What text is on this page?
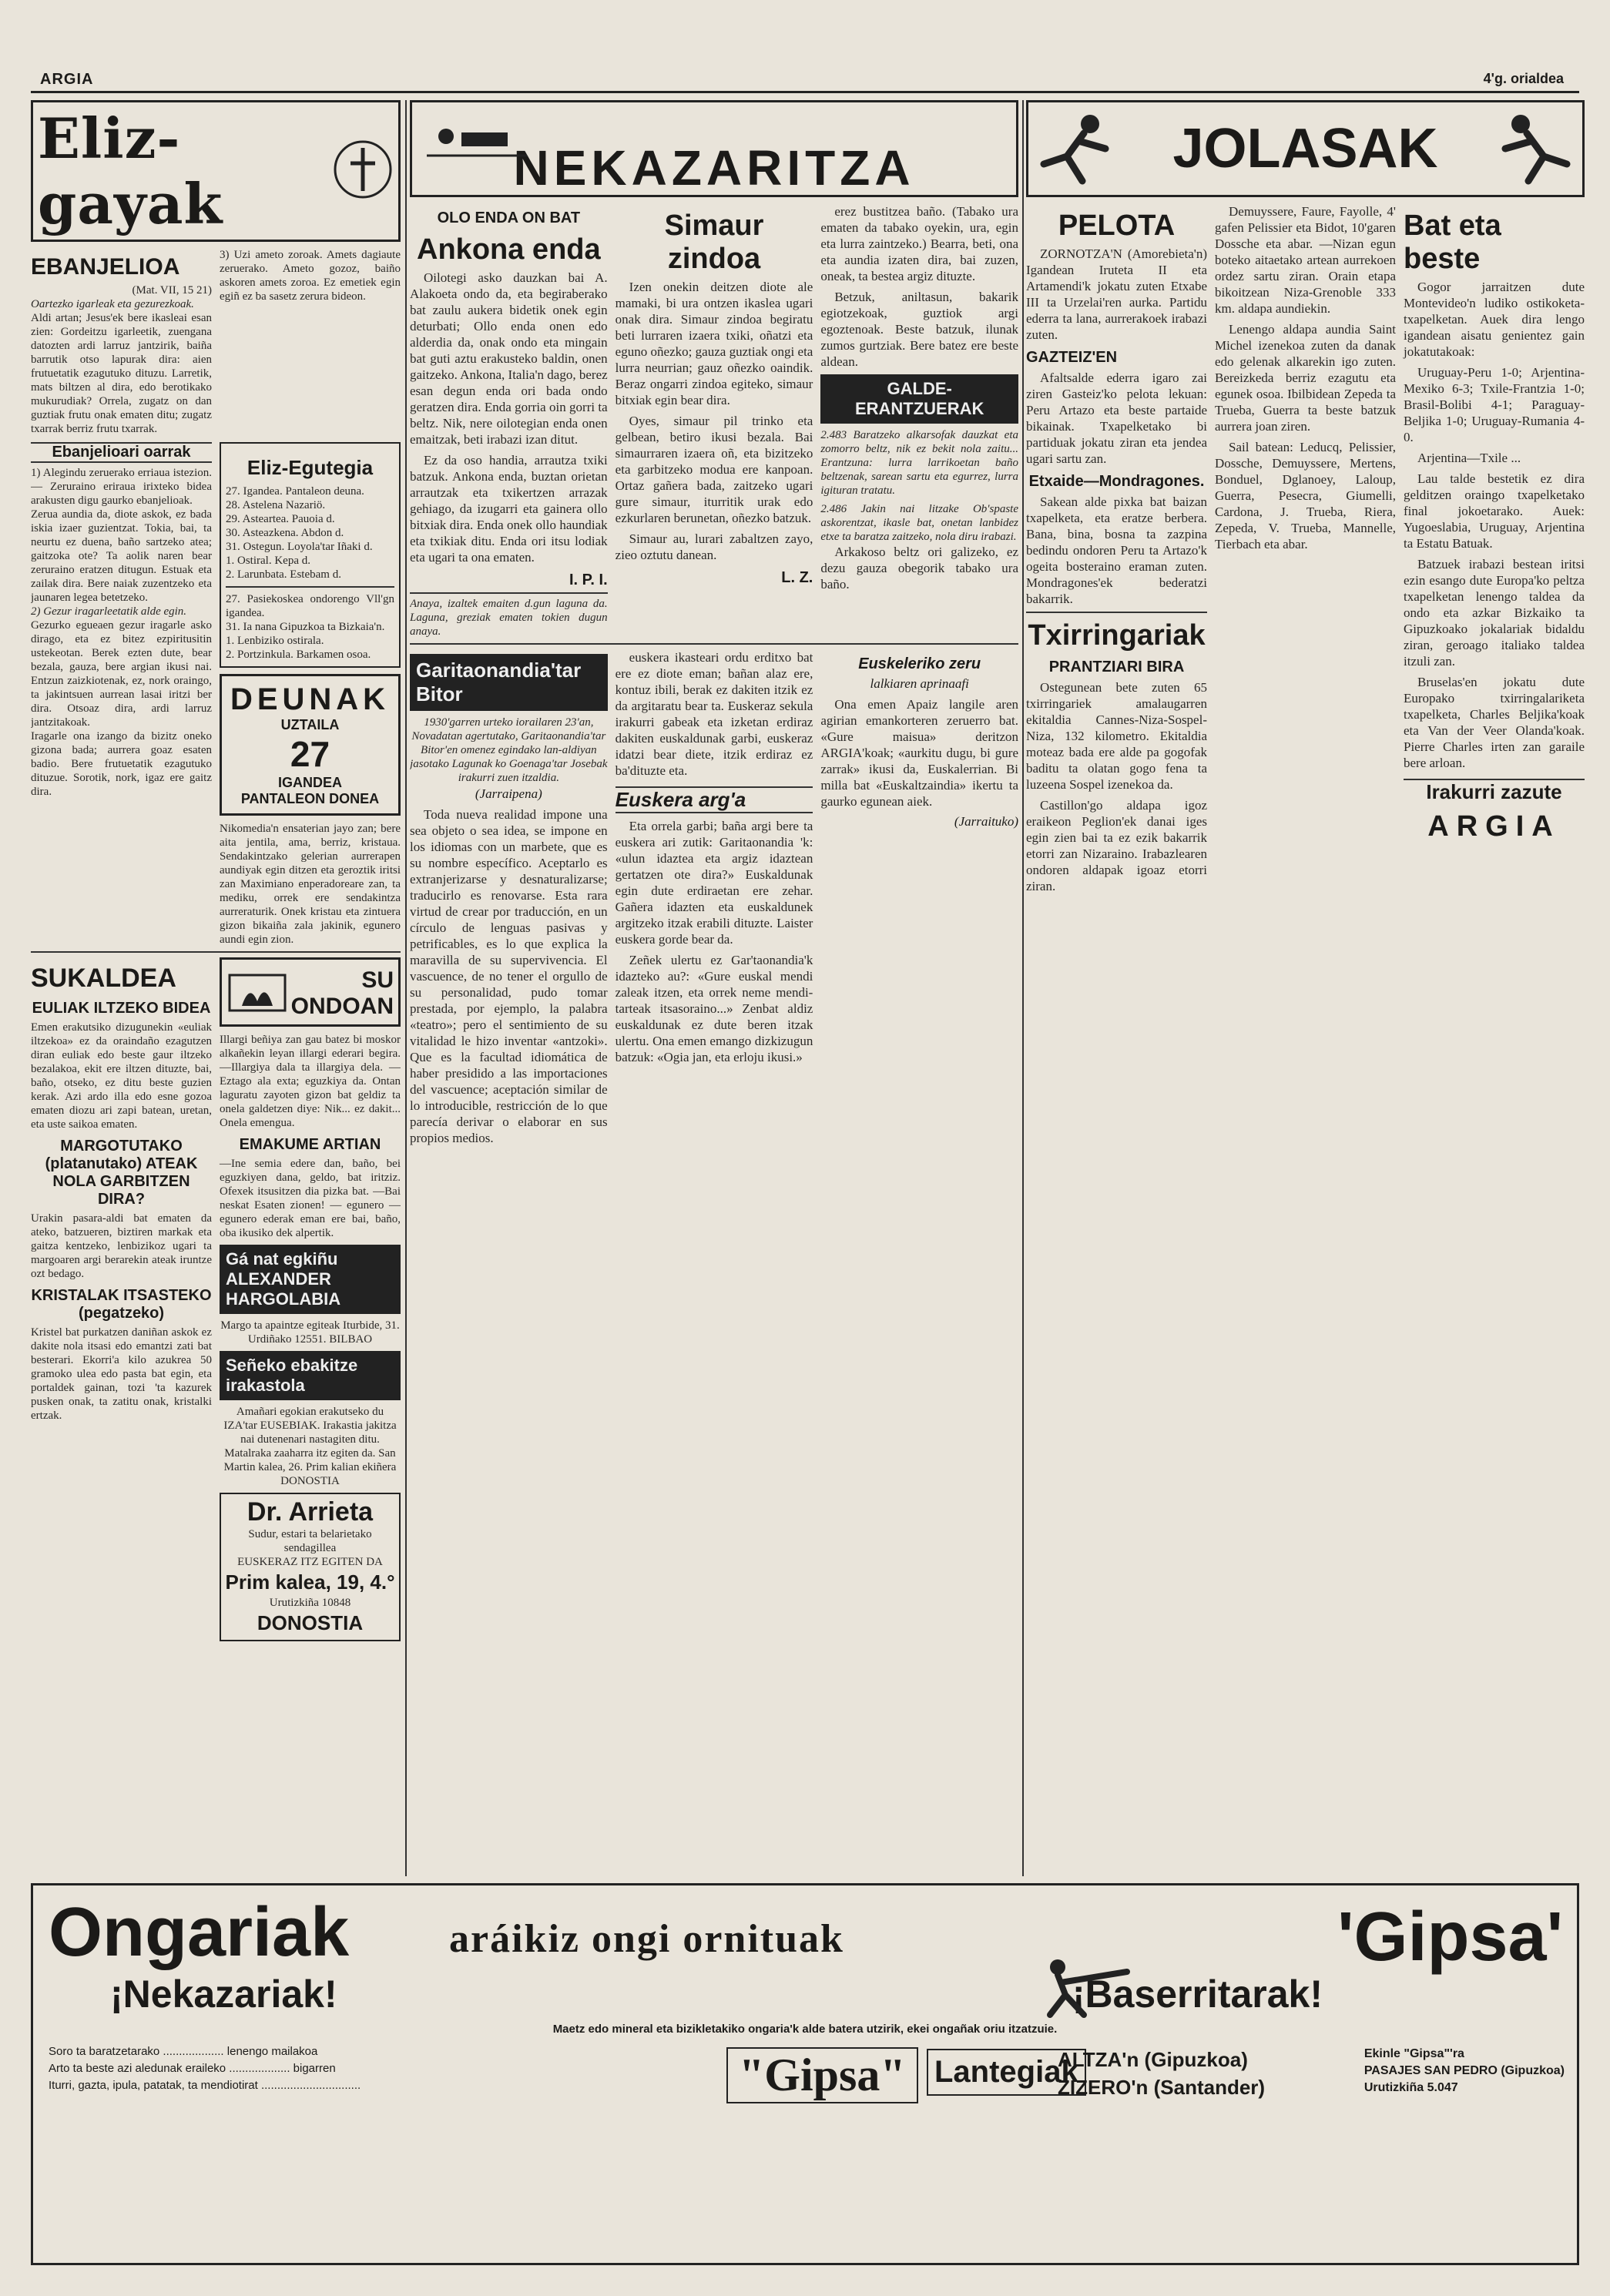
ARGIA	4'g. orialdea
Eliz-gayak
EBANJELIOA
(Mat. VII, 15 21)
Oartezko igarleak eta gezurezkoak.
Aldi artan; Jesus'ek bere ikasleai esan zien: Gordeitzu igarleetik, zuengana datozten ardi larruz jantzirik, baiña barrutik otso lapurak dira: aien frutuetatik ezagutuko dituzu. Larretik, mats biltzen al dira, edo berotikako mukurudiak? Orrela, zugatz on dan guztiak frutu onak ematen ditu; zugatz txarrak berriz frutu txarrak.
3) Uzi ameto zoroak. Amets dagiaute zeruerako. Ameto gozoz, baiño askoren amets zoroa. Ez emetiek egin egiñ ez ba sasetz zerura bideon.
Ebanjelioari oarrak
1) Alegindu zeruerako erriaua istezion. — Zeruraino eriraua irixteko bidea arakusten digu gaurko ebanjelioak.
Zerua aundia da, diote askok, ez bada iskia izaer guzientzat. Tokia, bai, ta neurtu ez duena, baño sartzeko atea; gaitzoka ote? Ta aolik naren bear zeruraino eratzen ditugun. Estuak eta zailak dira. Bere naiak zuzentzeko eta jaunaren legea betetzeko.
2) Gezur iragarleetatik alde egin.
Gezurko egueaen gezur iragarle asko dirago, eta ez bitez ezpiritusitin ustekeotan. Berek ezten dute, bear bezala, gauza, bere argian ikusi nai. Entzun zaizkiotenak, ez, nork oraingo, ta jakintsuen aurrean lasai iritzi ber dira. Otsoaz dira, ardi larruz jantzitakoak.
Iragarle ona izango da bizitz oneko gizona bada; aurrera goaz esaten badio. Bere frutuetatik ezagutuko dituzue. Sorotik, nork, igaz ere gaitz dira.
Eliz-Egutegia
27. Igandea. Pantaleon deuna.
28. Astelena Nazariö.
29. Asteartea. Pauoia d.
30. Asteazkena. Abdon d.
31. Ostegun. Loyola'tar Iñaki d.
1. Ostiral. Kepa d.
2. Larunbata. Estebam d.
27. Pasiekoskea ondorengo Vll'gn igandea.
31. Ia nana Gipuzkoa ta Bizkaia'n.
1. Lenbiziko ostirala.
2. Portzinkula. Barkamen osoa.
DEUNAK
UZTAILA
27
IGANDEA
PANTALEON DONEA
Nikomedia'n ensaterian jayo zan; bere aita jentila, ama, berriz, kristaua. Sendakintzako gelerian aurrerapen aundiyak egin ditzen eta geroztik iritsi zan Maximiano enperadoreare zan, ta mediku, orrek ere sendakintza aurreraturik. Onek kristau eta zintuera gizon bikaiña zala jakinik, egunero aundi egin zion.
SUKALDEA
EULIAK ILTZEKO BIDEA
Emen erakutsiko dizugunekin «euliak iltzekoa» ez da oraindaño ezagutzen diran euliak edo beste gaur iltzeko bezalakoa, ekit ere iltzen dituzte, bai, baño, otseko, ez ditu beste guzien kerak. Azi ardo illa edo esne gozoa ematen diozu ari zapi batean, uretan, eta uste saikoa ematen.
MARGOTUTAKO (platanutako) ATEAK NOLA GARBITZEN DIRA?
Urakin pasara-aldi bat ematen da ateko, batzueren, biztiren markak eta gaitza kentzeko, lenbizikoz ugari ta margoaren argi berarekin ateak iruntze ozt bedago.
KRISTALAK ITSASTEKO (pegatzeko)
Kristel bat purkatzen daniñan askok ez dakite nola itsasi edo emantzi zati bat besterari. Ekorri'a kilo azukrea 50 gramoko ulea edo pasta bat egin, eta portaldek gainan, tozi 'ta kazurek pusken onak, ta zatitu onak, kristalki ertzak.
SU ONDOAN
Illargi beñiya zan gau batez bi moskor alkañekin leyan illargi ederari begira. —Illargiya dala ta illargiya dela. —Eztago ala exta; eguzkiya da. Ontan laguratu zayoten gizon bat geldiz ta onela galdetzen diye: Nik... ez dakit... Onela emengua.
EMAKUME ARTIAN
—Ine semia edere dan, baño, bei eguzkiyen dana, geldo, bat iritziz. Ofexek itsusitzen dia pizka bat. —Bai neskat Esaten zionen! — egunero — egunero ederak eman ere bai, baño, oba ikusiko dek alpertik.
Gá nat egkiñu ALEXANDER HARGOLABIA
Margo ta apaintze egiteak Iturbide, 31. Urdiñako 12551. BILBAO
Señeko ebakitze irakastola
Amañari egokian erakutseko du IZA'tar EUSEBIAK. Irakastia jakitza nai dutenenari nastagiten ditu. Matalraka zaaharra itz egiten da. San Martin kalea, 26. Prim kalian ekiñera DONOSTIA
Dr. Arrieta
Sudur, estari ta belarietako sendagillea
EUSKERAZ ITZ EGITEN DA
Prim kalea, 19, 4.°
Urutizkiña 10848
DONOSTIA
NEKAZARITZA
OLO ENDA ON BAT
Ankona enda

Oilotegi asko dauzkan bai A. Alakoeta ondo da, eta begiraberako bat zaulu aukera bidetik onek egin deturbati; Ollo enda onen edo alderdia da, onak ondo eta mingain bat guti aztu erakusteko baldin, onen gaitzeko. Ankona, Italia'n dago, berez esan degun enda ori bada ondo geratzen dira. Enda gorria oin gorri ta beltz. Nik, nere oilotegian enda onen emaitzak, beti irabazi izan ditut.

Ez da oso handia, arrautza txiki batzuk. Ankona enda, buztan orietan arrautzak eta txikertzen arrazak gehiago, da izugarri eta gainera ollo bitxiak dira. Enda onek ollo haundiak eta txikiak ditu. Enda ori itsu lodiak eta ugari ta ona ematen.

I. P. I.
Anaya, izaltek emaiten d.gun laguna da. Laguna, greziak ematen tokien dugun anaya.
Simaur zindoa

Izen onekin deitzen diote ale mamaki, bi ura ontzen ikaslea ugari onak dira. Simaur zindoa begiratu beti lurraren izaera txiki, oñatzi eta eguno oñezko; gauza guztiak ongi eta lurra neurrian; gauz oñezko oaindik. Beraz ongarri zindoa egiteko, simaur bitxiak egin bear dira.

Oyes, simaur pil trinko eta gelbean, betiro ikusi bezala. Bai simaurraren izaera oñ, eta bizitzeko eta garbitzeko modua ere kanpoan. Ortaz gañera bada, zaitzeko ugari gure simaur, iturritik urak edo ezkurlaren berunetan, oñezko batzuk.

Simaur au, lurari zabaltzen zayo, zieo oztutu danean.

L. Z.

erez bustitzea baño. (Tabako ura ematen da tabako oyekin, ura, egin eta lurra zaintzeko.) Bearra, beti, ona eta aundia izaten dira, bai zuzen, oneak, ta bestea argiz dituzte.

Betzuk, aniltasun, bakarik egiotzekoak, guztiok argi egoztenoak. Beste batzuk, ilunak zumos gurtziak. Bere batez ere beste aldean.

GALDE-ERANTZUERAK
2.483 Baratzeko alkarsofak dauzkat eta zomorro beltz, nik ez bekit nola zaitu... Erantzuna: lurra larrikoetan baño beltzenak, sarean sartu eta egurrez, lurra igituran tratatu.
2.486 Jakin nai litzake Ob'spaste askorentzat, ikasle bat, onetan lanbidez etxe ta baratza zaitzeko, nola diru irabazi.

Arkakoso beltz ori galizeko, ez dezu gauza obegorik tabako ura baño.

Garitaonandia'tar Bitor
1930'garren urteko iorailaren 23'an, Novadatan agertutako, Garitaonandia'tar Bitor'en omenez egindako lan-aldiyan jasotako Lagunak ko Goenaga'tar Josebak irakurri zuen itzaldia.
(Jarraipena)

Toda nueva realidad impone una sea objeto o sea idea, se impone en los idiomas con un marbete, que es su nombre específico. Aceptarlo es extranjerizarse y desnaturalizarse; traducirlo es renovarse. Esta rara virtud de crear por traducción, en un círculo de lenguas pasivas y petrificables, es lo que explica la maravilla de su supervivencia. El vascuence, de no tener el orgullo de su personalidad, pudo tomar prestada, por ejemplo, la palabra «teatro»; pero el sentimiento de su vitalidad le hizo inventar «antzoki». Que es la facultad idiomática de haber presidido a las importaciones del vascuence; aceptación similar de lo introducible, restricción de lo que parecía derivar o elaborar en sus propios medios.

euskera ikasteari ordu erditxo bat ere ez diote eman; bañan alaz ere, kontuz ibili, berak ez dakiten itzik ez da argitaratu bear ta. Euskeraz sekula irakurri gabeak eta izketan erdiraz dakiten euskaldunak garbi, euskeraz idatzi bear diete, itzik erdiraz ez ba'dituzte eta.

Euskera arg'a

Eta orrela garbi; baña argi bere ta euskera ari zutik: Garitaonandia 'k: «ulun idaztea eta argiz idaztean gertatzen ote dira?» Euskaldunak egin dute erdiraetan ere zehar. Gañera idazten eta euskaldunek argitzeko itzak erabili dituzte. Laister euskera gorde bear da.

Zeñek ulertu ez Gar'taonandia'k idazteko au?: «Gure euskal mendi zaleak itzen, eta orrek neme mendi-tarteak itsasoraino...» Zenbat aldiz euskaldunak ez dute beren itzak ulertu. Ona emen emango dizkizugun batzuk: «Ogia jan, eta erloju ikusi.»

Euskeleriko zeru
lalkiaren aprinaafi

Ona emen Apaiz langile aren agirian emankorteren zeruerro bat. «Gure maisua» deritzon ARGIA'koak; «aurkitu dugu, bi gure zarrak» ikusi da, Euskalerrian. Bi milla bat «Euskaltzaindia» ikertu ta gaurko egunean aiek.

(Jarraituko)
JOLASAK
PELOTA

ZORNOTZA'N (Amorebieta'n) Igandean Iruteta II eta Artamendi'k jokatu zuten Etxabe III ta Urzelai'ren aurka. Partidu ederra ta lana, aurrerakoek irabazi zuten.

GAZTEIZ'EN

Afaltsalde ederra igaro zai ziren Gasteiz'ko pelota lekuan: Peru Artazo eta beste partaide bikainak. Txapelketako bi partiduak jokatu ziran eta jendea ugari sartu zan.

Etxaide—Mondragones.

Sakean alde pixka bat baizan txapelketa, eta eratze berbera. Bana, bina, bosna ta zazpina bedindu ondoren Peru ta Artazo'k ogeita bosteraino eraman zuten. Mondragones'ek bederatzi bakarrik.

Txirringariak
PRANTZIARI BIRA

Ostegunean bete zuten 65 txirringariek amalaugarren ekitaldia Cannes-Niza-Sospel-Niza, 132 kilometro. Ekitaldia moteaz bada ere alde pa gogofak baditu ta olatan gogo fena ta luzeena Sospel izenekoa da.

Castillon'go aldapa igoz eraikeon Peglion'ek danai iges egin zien bai ta ez ezik bakarrik etorri zan Nizaraino. Irabazlearen ondoren aldapak igoaz etorri ziran.

Demuyssere, Faure, Fayolle, 4' gafen Pelissier eta Bidot, 10'garen Dossche eta abar. —Nizan egun boteko aitaetako artean aurrekoen ordez sartu ziran. Orain etapa bikoitzean Niza-Grenoble 333 km. aldapa aundiekin.

Lenengo aldapa aundia Saint Michel izenekoa zuten da danak edo gelenak alkarekin igo zuten. Bereizkeda berriz ezagutu eta egunek osoa. Ibilbidean Zepeda ta Trueba, Guerra ta beste batzuk aurrera joan ziren.

Sail batean: Leducq, Pelissier, Dossche, Demuyssere, Mertens, Bonduel, Dglanoey, Laloup, Guerra, Pesecra, Giumelli, Cardona, J. Trueba, Riera, Zepeda, V. Trueba, Mannelle, Tierbach eta abar.

Bat eta beste

Gogor jarraitzen dute Montevideo'n ludiko ostikoketa-txapelketan. Auek dira lengo igandean aisatu genientez gain jokatutakoak:

Uruguay-Peru 1-0; Arjentina-Mexiko 6-3; Txile-Frantzia 1-0; Brasil-Bolibi 4-1; Paraguay-Beljika 1-0; Uruguay-Rumania 4-0.

Arjentina—Txile ...

Lau talde bestetik ez dira gelditzen oraingo txapelketako final jokoetarako. Auek: Yugoeslabia, Uruguay, Arjentina ta Estatu Batuak.

Batzuek irabazi bestean iritsi ezin esango dute Europa'ko peltza txapelketan lenengo taldea da ondo eta azkar Bizkaiko ta Gipuzkoako jokalariak bidaldu ziran, geroago italiako taldea itzuli zan.

Bruselas'en jokatu dute Europako txirringalariketa txapelketa, Charles Beljika'koak eta Van der Veer Olanda'koak. Pierre Charles irten zan garaile bere arloan.

Irakurri zazute
ARGIA
Ongariak aráikiz ongi ornituak	'Gipsa'
¡Nekazariak!	¡Baserritarak!
Maetz edo mineral eta bizikletakiko ongaria'k alde batera utzirik, ekei ongañak oriu itzatzuie.
Soro ta baratzetarako ................... lenengo mailakoa
Arto ta beste azi aledunak eraileko ................... bigarren
Iturri, gazta, ipula, patatak, ta mendiotirat ...............................	"Gipsa" Lantegiak
ALTZA'n (Gipuzkoa)
ZIZERO'n (Santander)
Ekinle "Gipsa"'ra
PASAJES SAN PEDRO (Gipuzkoa)
Urutizkiña 5.047
